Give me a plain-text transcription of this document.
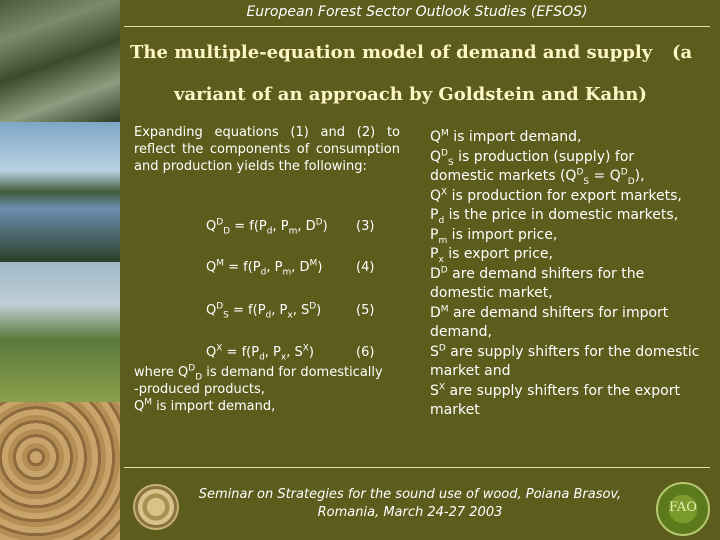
European Forest Sector Outlook Studies (EFSOS)
The multiple-equation model of demand and supply (a
variant of an approach by Goldstein and Kahn)
Expanding equations (1) and (2) to reflect the components of consumption and production yields the following:
$Q^D_D = f(P_d$, $P_m$, $D^D$) (3)
$Q^M = f(P_d$, $P_m$, $D^M$)	(4)
$Q^D_S = f(P_d$, $P_x$, $S^D$)	(5)
$Q^X = f(P_d$, $P_x$, $S^X$)	(6)
where $Q^D_D$ is demand for domestically
-produced products,
$Q^M$ is import demand,
$Q^M$ is import demand,
$Q^D_S$ is production (supply) for
domestic markets $(Q^D_S = Q^D_D)$,
$Q^X$ is production for export markets,
$P_d$ is the price in domestic markets,
$P_m$ is import price,
$P_x$ is export price,
$D^D$ are demand shifters for the
domestic market,
$D^M$ are demand shifters for import
demand,
$S^D$ are supply shifters for the domestic
market and
$S^X$ are supply shifters for the export
market
Seminar on Strategies for the sound use of wood, Poiana Brasov,
Romania, March 24-27 2003	FAO
